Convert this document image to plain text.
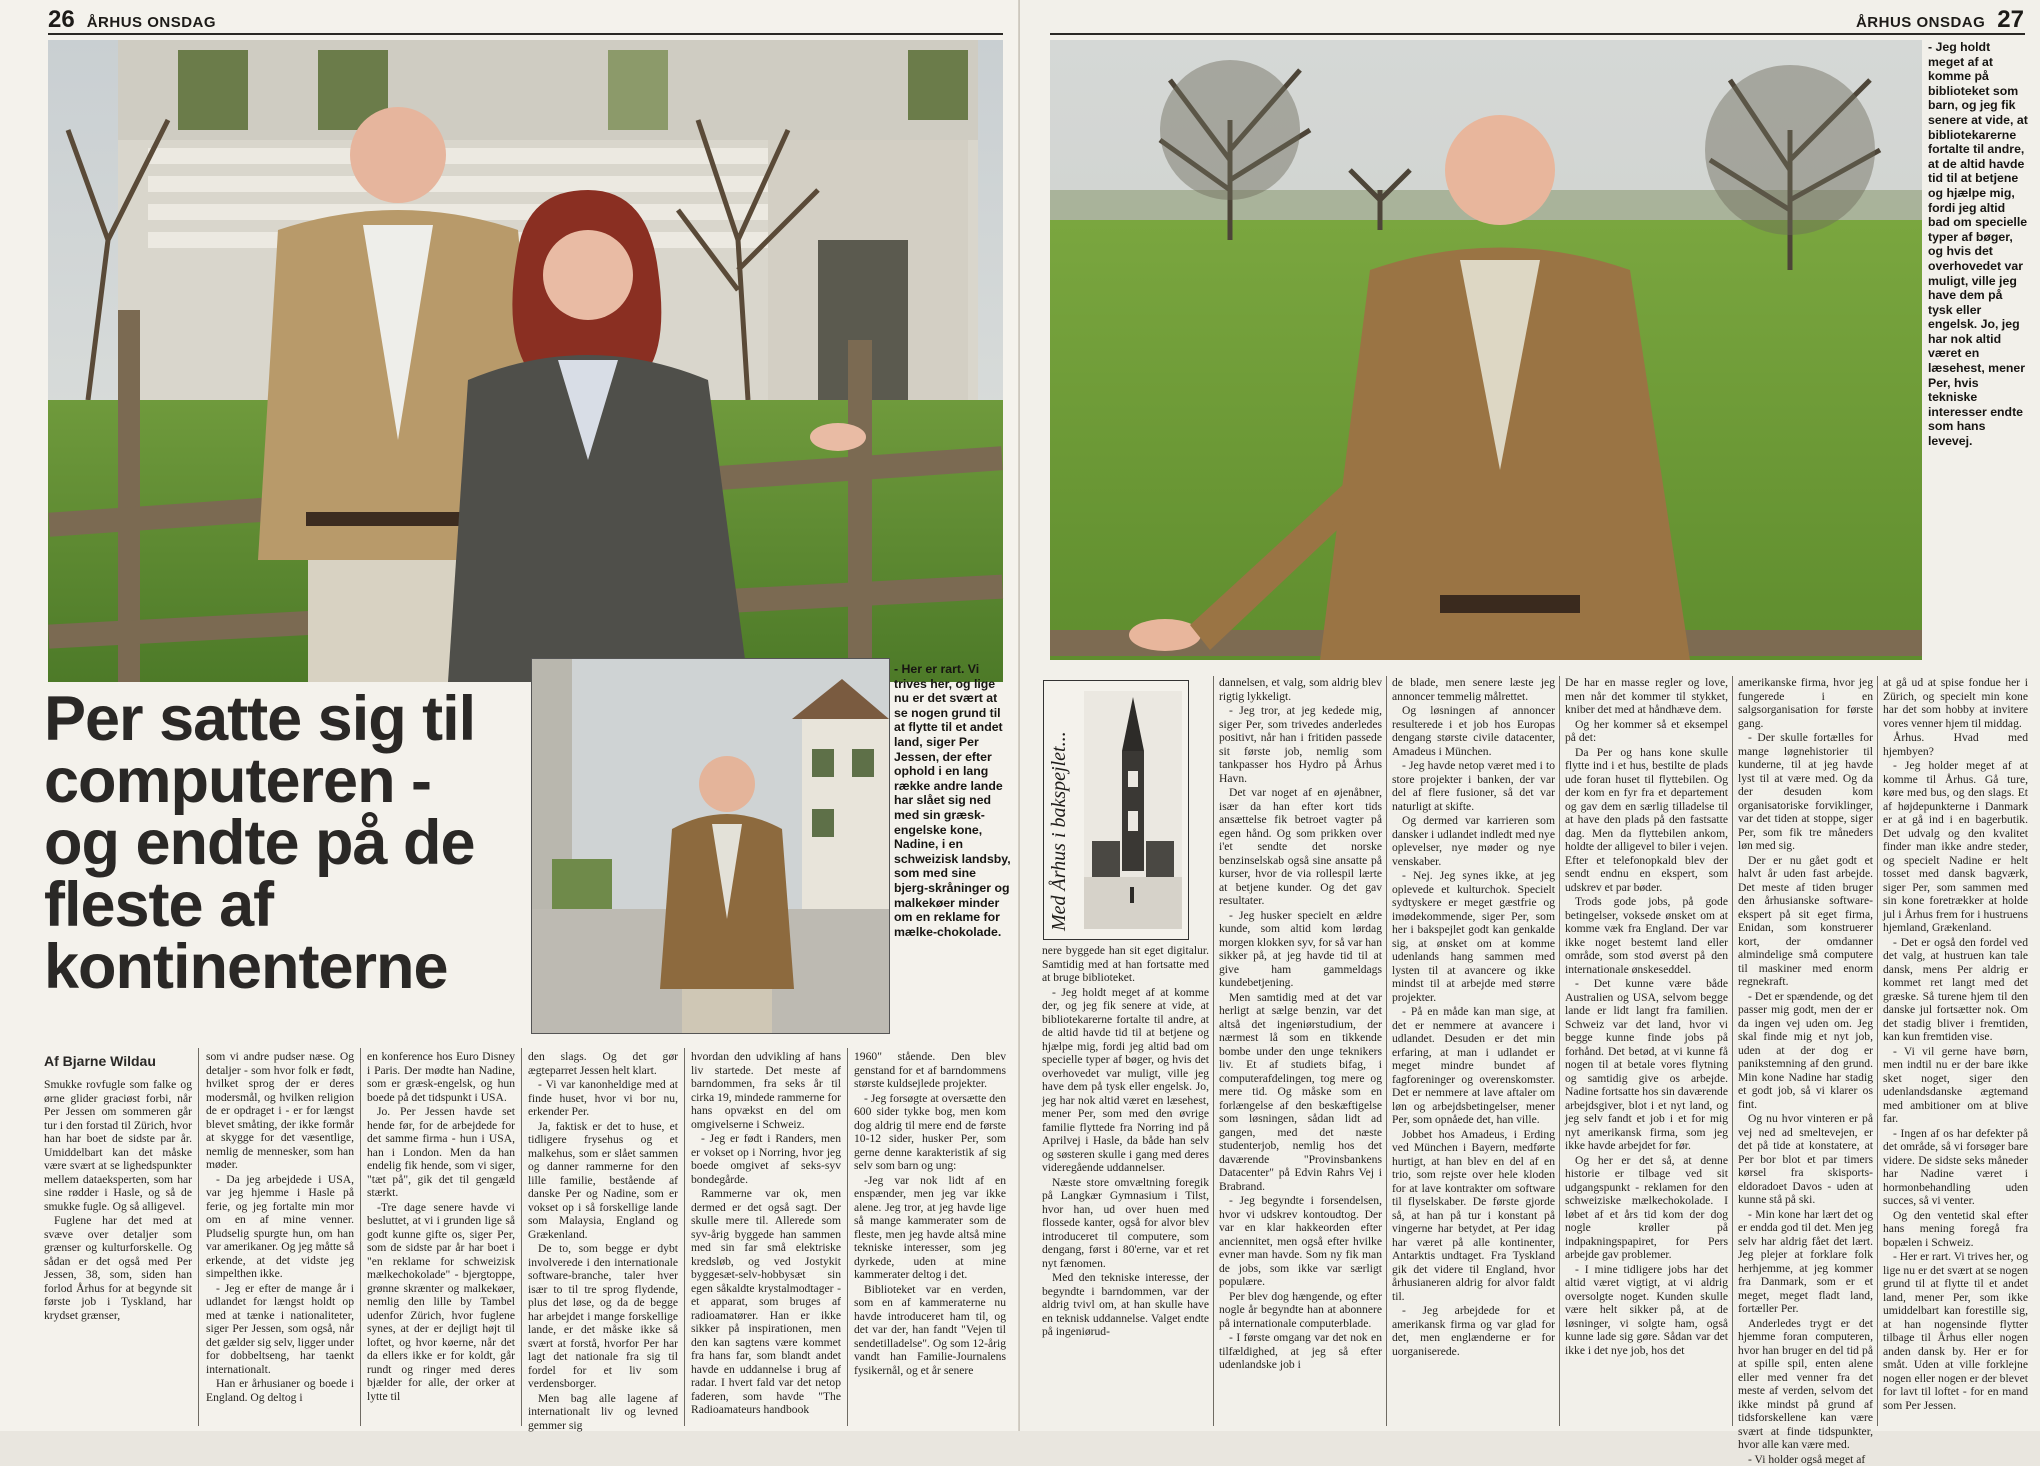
26 ÅRHUS ONSDAG
Per satte sig til computeren - og endte på de fleste af kontinenterne
- Her er rart. Vi trives her, og lige nu er det svært at se nogen grund til at flytte til et andet land, siger Per Jessen, der efter ophold i en lang række andre lande har slået sig ned med sin græsk-engelske kone, Nadine, i en schweizisk landsby, som med sine bjerg-skråninger og malkekøer minder om en reklame for mælke-chokolade.
Af Bjarne Wildau

Smukke rovfugle som falke og ørne glider graciøst forbi, når Per Jessen om sommeren går tur i den forstad til Zürich, hvor han har boet de sidste par år. Umiddelbart kan det måske være svært at se lighedspunkter mellem dataeksperten, som har sine rødder i Hasle, og så de smukke fugle. Og så alligevel.

Fuglene har det med at svæve over detaljer som grænser og kulturforskelle. Og sådan er det også med Per Jessen, 38, som, siden han forlod Århus for at begynde sit første job i Tyskland, har krydset grænser,

som vi andre pudser næse. Og detaljer - som hvor folk er født, hvilket sprog der er deres modersmål, og hvilken religion de er opdraget i - er for længst blevet småting, der ikke formår at skygge for det væsentlige, nemlig de mennesker, som han møder.

- Da jeg arbejdede i USA, var jeg hjemme i Hasle på ferie, og jeg fortalte min mor om en af mine venner. Pludselig spurgte hun, om han var amerikaner. Og jeg måtte så erkende, at det vidste jeg simpelthen ikke.

- Jeg er efter de mange år i udlandet for længst holdt op med at tænke i nationaliteter, siger Per Jessen, som også, når det gælder sig selv, ligger under for dobbeltseng, har taenkt internationalt.

Han er århusianer og boede i England. Og deltog i

en konference hos Euro Disney i Paris. Der mødte han Nadine, som er græsk-engelsk, og hun boede på det tidspunkt i USA.

Jo. Per Jessen havde set hende før, for de arbejdede for det samme firma - hun i USA, han i London. Men da han endelig fik hende, som vi siger, "tæt på", gik det til gengæld stærkt.

-Tre dage senere havde vi besluttet, at vi i grunden lige så godt kunne gifte os, siger Per, som de sidste par år har boet i "en reklame for schweizisk mælkechokolade" - bjergtoppe, grønne skrænter og malkekøer, nemlig den lille by Tambel udenfor Zürich, hvor fuglene synes, at der er dejligt højt til loftet, og hvor køerne, når det da ellers ikke er for koldt, går rundt og ringer med deres bjælder for alle, der orker at lytte til

den slags. Og det gør ægteparret Jessen helt klart.

- Vi var kanonheldige med at finde huset, hvor vi bor nu, erkender Per.

Ja, faktisk er det to huse, et tidligere frysehus og et malkehus, som er slået sammen og danner rammerne for den lille familie, bestående af danske Per og Nadine, som er vokset op i så forskellige lande som Malaysia, England og Grækenland.

De to, som begge er dybt involverede i den internationale software-branche, taler hver især to til tre sprog flydende, plus det løse, og da de begge har arbejdet i mange forskellige lande, er det måske ikke så svært at forstå, hvorfor Per har lagt det nationale fra sig til fordel for et liv som verdensborger.

Men bag alle lagene af internationalt liv og levned gemmer sig

hvordan den udvikling af hans liv startede. Det meste af barndommen, fra seks år til cirka 19, mindede rammerne for hans opvækst en del om omgivelserne i Schweiz.

- Jeg er født i Randers, men er vokset op i Norring, hvor jeg boede omgivet af seks-syv bondegårde.

Rammerne var ok, men dermed er det også sagt. Der skulle mere til. Allerede som syv-årig byggede han sammen med sin far små elektriske kredsløb, og ved Jostykit byggesæt-selv-hobbysæt sin egen såkaldte krystalmodtager - et apparat, som bruges af radioamatører. Han er ikke sikker på inspirationen, men den kan sagtens være kommet fra hans far, som blandt andet havde en uddannelse i brug af radar. I hvert fald var det netop faderen, som havde "The Radioamateurs handbook

1960" stående. Den blev genstand for et af barndommens største kuldsejlede projekter.

- Jeg forsøgte at oversætte den 600 sider tykke bog, men kom dog aldrig til mere end de første 10-12 sider, husker Per, som gerne denne karakteristik af sig selv som barn og ung:

-Jeg var nok lidt af en enspænder, men jeg var ikke alene. Jeg tror, at jeg havde lige så mange kammerater som de fleste, men jeg havde altså mine tekniske interesser, som jeg dyrkede, uden at mine kammerater deltog i det.

Biblioteket var en verden, som en af kammeraterne nu havde introduceret ham til, og det var der, han fandt "Vejen til sendetilladelse". Og som 12-årig vandt han Familie-Journalens fysikernål, og et år senere

ÅRHUS ONSDAG 27
- Jeg holdt meget af at komme på biblioteket som barn, og jeg fik senere at vide, at bibliotekarerne fortalte til andre, at de altid havde tid til at betjene og hjælpe mig, fordi jeg altid bad om specielle typer af bøger, og hvis det overhovedet var muligt, ville jeg have dem på tysk eller engelsk. Jo, jeg har nok altid været en læsehest, mener Per, hvis tekniske interesser endte som hans levevej.
Med Århus i bakspejlet...

nere byggede han sit eget digitalur. Samtidig med at han fortsatte med at bruge biblioteket.

- Jeg holdt meget af at komme der, og jeg fik senere at vide, at bibliotekarerne fortalte til andre, at de altid havde tid til at betjene og hjælpe mig, fordi jeg altid bad om specielle typer af bøger, og hvis det overhovedet var muligt, ville jeg have dem på tysk eller engelsk. Jo, jeg har nok altid været en læsehest, mener Per, som med den øvrige familie flyttede fra Norring ind på Aprilvej i Hasle, da både han selv og søsteren skulle i gang med deres videregående uddannelser.

Næste store omvæltning foregik på Langkær Gymnasium i Tilst, hvor han, ud over huen med flossede kanter, også for alvor blev introduceret til computere, som dengang, først i 80'erne, var et ret nyt fænomen.

Med den tekniske interesse, der begyndte i barndommen, var der aldrig tvivl om, at han skulle have en teknisk uddannelse. Valget endte på ingeniørud-

dannelsen, et valg, som aldrig blev rigtig lykkeligt.

- Jeg tror, at jeg kedede mig, siger Per, som trivedes anderledes positivt, når han i fritiden passede sit første job, nemlig som tankpasser hos Hydro på Århus Havn.

Det var noget af en øjenåbner, især da han efter kort tids ansættelse fik betroet vagter på egen hånd. Og som prikken over i'et sendte det norske benzinselskab også sine ansatte på kurser, hvor de via rollespil lærte at betjene kunder. Og det gav resultater.

- Jeg husker specielt en ældre kunde, som altid kom lørdag morgen klokken syv, for så var han sikker på, at jeg havde tid til at give ham gammeldags kundebetjening.

Men samtidig med at det var herligt at sælge benzin, var det altså det ingeniørstudium, der nærmest lå som en tikkende bombe under den unge teknikers liv. Et af studiets bifag, i computerafdelingen, tog mere og mere tid. Og måske som en forlængelse af den beskæftigelse som løsningen, sådan lidt ad gangen, med det næste studenterjob, nemlig hos det daværende "Provinsbankens Datacenter" på Edvin Rahrs Vej i Brabrand.

- Jeg begyndte i forsendelsen, hvor vi udskrev kontoudtog. Der var en klar hakkeorden efter anciennitet, men også efter hvilke evner man havde. Som ny fik man de jobs, som ikke var særligt populære.

Per blev dog hængende, og efter nogle år begyndte han at abonnere på internationale computerblade.

- I første omgang var det nok en tilfældighed, at jeg så efter udenlandske job i

de blade, men senere læste jeg annoncer temmelig målrettet.

Og løsningen af annoncer resulterede i et job hos Europas dengang største civile datacenter, Amadeus i München.

- Jeg havde netop været med i to store projekter i banken, der var del af flere fusioner, så det var naturligt at skifte.

Og dermed var karrieren som dansker i udlandet indledt med nye oplevelser, nye møder og nye venskaber.

- Nej. Jeg synes ikke, at jeg oplevede et kulturchok. Specielt sydtyskere er meget gæstfrie og imødekommende, siger Per, som her i bakspejlet godt kan genkalde sig, at ønsket om at komme udenlands hang sammen med lysten til at avancere og ikke mindst til at arbejde med større projekter.

- På en måde kan man sige, at det er nemmere at avancere i udlandet. Desuden er det min erfaring, at man i udlandet er meget mindre bundet af fagforeninger og overenskomster. Det er nemmere at lave aftaler om løn og arbejdsbetingelser, mener Per, som opnåede det, han ville.

Jobbet hos Amadeus, i Erding ved München i Bayern, medførte hurtigt, at han blev en del af en trio, som rejste over hele kloden for at lave kontrakter om software til flyselskaber. De første gjorde så, at han på tur i konstant på vingerne har betydet, at Per idag har været på alle kontinenter, Antarktis undtaget. Fra Tyskland gik det videre til England, hvor århusianeren aldrig for alvor faldt til.

- Jeg arbejdede for et amerikansk firma og var glad for det, men englænderne er for uorganiserede.

De har en masse regler og love, men når det kommer til stykket, kniber det med at håndhæve dem.

Og her kommer så et eksempel på det:

Da Per og hans kone skulle flytte ind i et hus, bestilte de plads ude foran huset til flyttebilen. Og der kom en fyr fra et departement og gav dem en særlig tilladelse til at have den plads på den fastsatte dag. Men da flyttebilen ankom, holdte der alligevel to biler i vejen. Efter et telefonopkald blev der sendt endnu en ekspert, som udskrev et par bøder.

Trods gode jobs, på gode betingelser, voksede ønsket om at komme væk fra England. Der var ikke noget bestemt land eller område, som stod øverst på den internationale ønskeseddel.

- Det kunne være både Australien og USA, selvom begge lande er lidt langt fra familien. Schweiz var det land, hvor vi begge kunne finde jobs på forhånd. Det betød, at vi kunne få nogen til at betale vores flytning og samtidig give os arbejde. Nadine fortsatte hos sin daværende arbejdsgiver, blot i et nyt land, og jeg selv fandt et job i et for mig nyt amerikansk firma, som jeg ikke havde arbejdet for før.

Og her er det så, at denne historie er tilbage ved sit udgangspunkt - reklamen for den schweiziske mælkechokolade. I løbet af et års tid kom der dog nogle krøller på indpakningspapiret, for Pers arbejde gav problemer.

- I mine tidligere jobs har det altid været vigtigt, at vi aldrig oversolgte noget. Kunden skulle være helt sikker på, at de løsninger, vi solgte ham, også kunne lade sig gøre. Sådan var det ikke i det nye job, hos det

amerikanske firma, hvor jeg fungerede i en salgsorganisation for første gang.

- Der skulle fortælles for mange løgnehistorier til kunderne, til at jeg havde lyst til at være med. Og da der desuden kom organisatoriske forviklinger, var det tiden at stoppe, siger Per, som fik tre måneders løn med sig.

Der er nu gået godt et halvt år uden fast arbejde. Det meste af tiden bruger den århusianske software-ekspert på sit eget firma, Enidan, som konstruerer kort, der omdanner almindelige små computere til maskiner med enorm regnekraft.

- Det er spændende, og det passer mig godt, men der er da ingen vej uden om. Jeg skal finde mig et nyt job, uden at der dog er panikstemning af den grund. Min kone Nadine har stadig et godt job, så vi klarer os fint.

Og nu hvor vinteren er på vej ned ad smeltevejen, er det på tide at konstatere, at Per bor blot et par timers kørsel fra skisports-eldoradoet Davos - uden at kunne stå på ski.

- Min kone har lært det og er endda god til det. Men jeg selv har aldrig fået det lært. Jeg plejer at forklare folk herhjemme, at jeg kommer fra Danmark, som er et meget, meget fladt land, fortæller Per.

Anderledes trygt er det hjemme foran computeren, hvor han bruger en del tid på at spille spil, enten alene eller med venner fra det meste af verden, selvom det ikke mindst på grund af tidsforskellene kan være svært at finde tidspunkter, hvor alle kan være med.

- Vi holder også meget af

at gå ud at spise fondue her i Zürich, og specielt min kone har det som hobby at invitere vores venner hjem til middag.

Århus. Hvad med hjembyen?

- Jeg holder meget af at komme til Århus. Gå ture, køre med bus, og den slags. Et af højdepunkterne i Danmark er at gå ind i en bagerbutik. Det udvalg og den kvalitet finder man ikke andre steder, og specielt Nadine er helt tosset med dansk bagværk, siger Per, som sammen med sin kone foretrækker at holde jul i Århus frem for i hustruens hjemland, Grækenland.

- Det er også den fordel ved det valg, at hustruen kan tale dansk, mens Per aldrig er kommet ret langt med det græske. Så turene hjem til den danske jul fortsætter nok. Om det stadig bliver i fremtiden, kan kun fremtiden vise.

- Vi vil gerne have børn, men indtil nu er der bare ikke sket noget, siger den udenlandsdanske ægtemand med ambitioner om at blive far.

- Ingen af os har defekter på det område, så vi forsøger bare videre. De sidste seks måneder har Nadine været i hormonbehandling uden succes, så vi venter.

Og den ventetid skal efter hans mening foregå fra bopælen i Schweiz.

- Her er rart. Vi trives her, og lige nu er det svært at se nogen grund til at flytte til et andet land, mener Per, som ikke umiddelbart kan forestille sig, at han nogensinde flytter tilbage til Århus eller nogen anden dansk by. Her er for småt. Uden at ville forklejne nogen eller nogen er der blevet for lavt til loftet - for en mand som Per Jessen.
